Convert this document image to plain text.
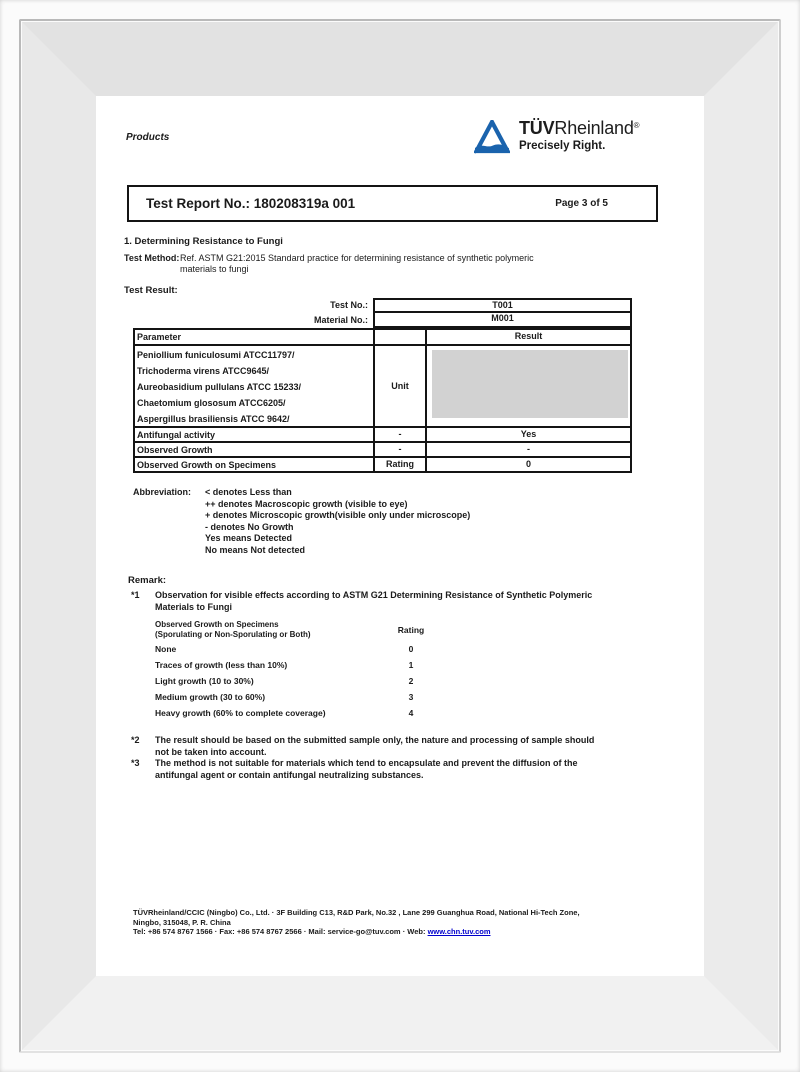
Products	TÜVRheinland®
Precisely Right.
Test Report No.: 180208319a 001	Page 3 of 5
1. Determining Resistance to Fungi
Test Method: Ref. ASTM G21:2015 Standard practice for determining resistance of synthetic polymeric
materials to fungi
Test Result:
Test No.:	T001
Material No.:	M001
Parameter	Result
Peniollium funiculosumi ATCC11797/
Trichoderma virens ATCC9645/
Aureobasidium pullulans ATCC 15233/
Chaetomium glososum ATCC6205/
Aspergillus brasiliensis ATCC 9642/
Unit
Antifungal activity	-	Yes
Observed Growth	-	-
Observed Growth on Specimens	Rating	0
Abbreviation:	< denotes Less than
++ denotes Macroscopic growth (visible to eye)
+ denotes Microscopic growth(visible only under microscope)
- denotes No Growth
Yes means Detected
No means Not detected
Remark:
*1	Observation for visible effects according to ASTM G21 Determining Resistance of Synthetic Polymeric
Materials to Fungi
Observed Growth on Specimens
(Sporulating or Non-Sporulating or Both)	Rating
None	0
Traces of growth (less than 10%)	1
Light growth (10 to 30%)	2
Medium growth (30 to 60%)	3
Heavy growth (60% to complete coverage)	4
*2	The result should be based on the submitted sample only, the nature and processing of sample should
not be taken into account.
*3	The method is not suitable for materials which tend to encapsulate and prevent the diffusion of the
antifungal agent or contain antifungal neutralizing substances.
TÜVRheinland/CCIC (Ningbo) Co., Ltd. · 3F Building C13, R&D Park, No.32 , Lane 299 Guanghua Road, National Hi-Tech Zone,
Ningbo, 315048, P. R. China
Tel: +86 574 8767 1566 · Fax: +86 574 8767 2566 · Mail: service-go@tuv.com · Web: www.chn.tuv.com
